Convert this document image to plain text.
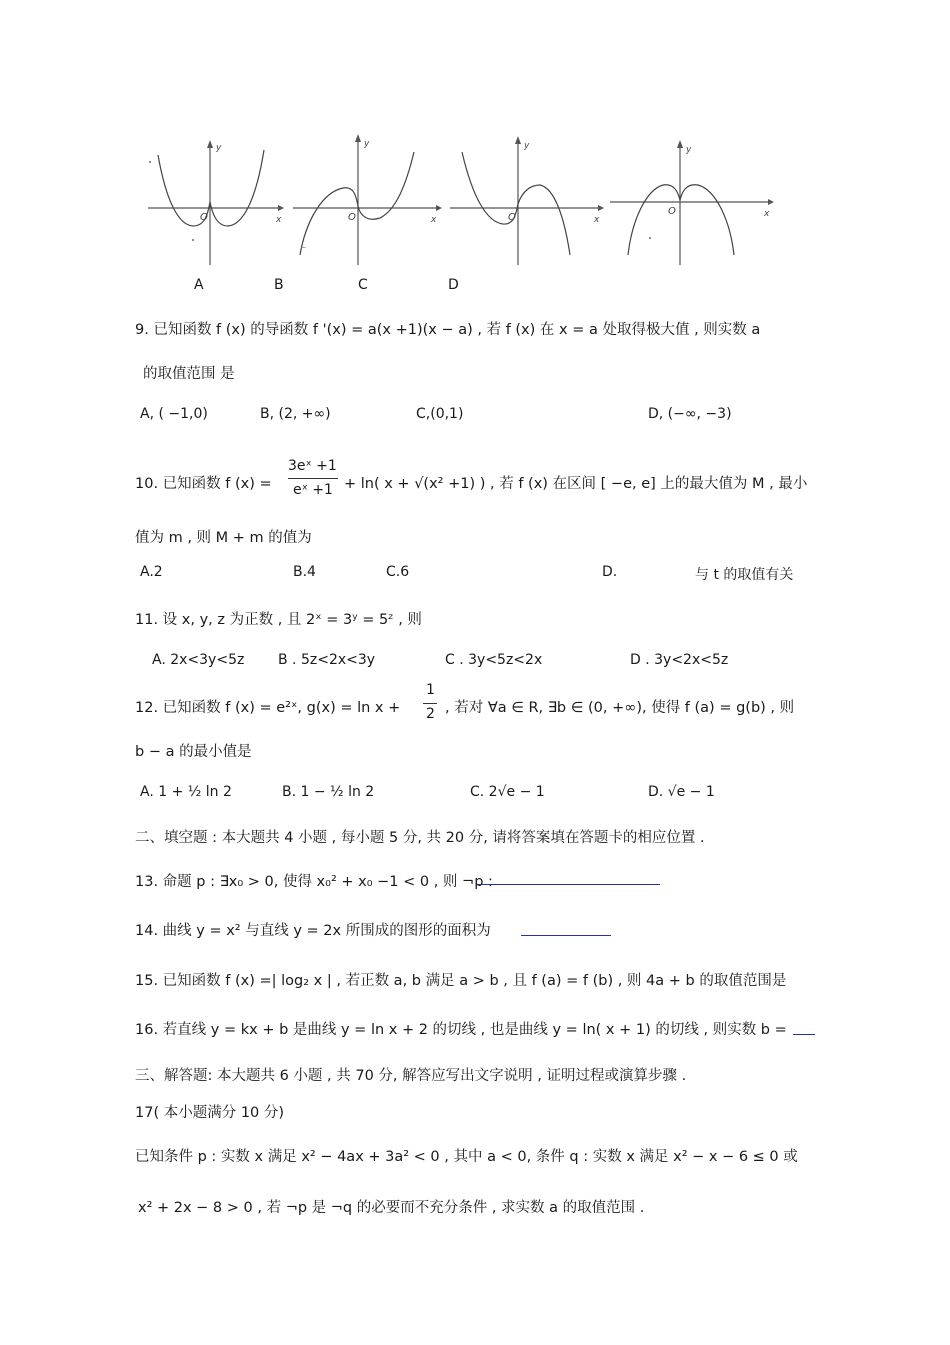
y
x
O
y
x
O
~
y
x
O
y
x
O
A	B	C	D
9. 已知函数 f (x) 的导函数 f '(x) = a(x +1)(x − a) , 若 f (x) 在 x = a 处取得极大值 , 则实数 a
的取值范围 是
A, ( −1,0)	B, (2, +∞)	C,(0,1)	D, (−∞, −3)
10. 已知函数 f (x) =
3eˣ +1
eˣ +1 + ln( x + √(x² +1) ) , 若 f (x) 在区间 [ −e, e] 上的最大值为 M , 最小
值为 m , 则 M + m 的值为
A.2	B.4	C.6	D.	与 t 的取值有关
11. 设 x, y, z 为正数 , 且 2ˣ = 3ʸ = 5ᶻ , 则
A. 2x<3y<5z B . 5z<2x<3y	C . 3y<5z<2x	D . 3y<2x<5z
12. 已知函数 f (x) = e²ˣ, g(x) = ln x +
1
2 , 若对 ∀a ∈ R, ∃b ∈ (0, +∞), 使得 f (a) = g(b) , 则
b − a 的最小值是
A. 1 + ½ ln 2	B. 1 − ½ ln 2	C. 2√e − 1	D. √e − 1
二、填空题 : 本大题共 4 小题 , 每小题 5 分, 共 20 分, 请将答案填在答题卡的相应位置 .
13. 命题 p : ∃x₀ > 0, 使得 x₀² + x₀ −1 < 0 , 则 ¬p :
14. 曲线 y = x² 与直线 y = 2x 所围成的图形的面积为
15. 已知函数 f (x) =| log₂ x | , 若正数 a, b 满足 a > b , 且 f (a) = f (b) , 则 4a + b 的取值范围是
16. 若直线 y = kx + b 是曲线 y = ln x + 2 的切线 , 也是曲线 y = ln( x + 1) 的切线 , 则实数 b =
三、解答题: 本大题共 6 小题 , 共 70 分, 解答应写出文字说明 , 证明过程或演算步骤 .
17( 本小题满分 10 分)
已知条件 p : 实数 x 满足 x² − 4ax + 3a² < 0 , 其中 a < 0, 条件 q : 实数 x 满足 x² − x − 6 ≤ 0 或
x² + 2x − 8 > 0 , 若 ¬p 是 ¬q 的必要而不充分条件 , 求实数 a 的取值范围 .
